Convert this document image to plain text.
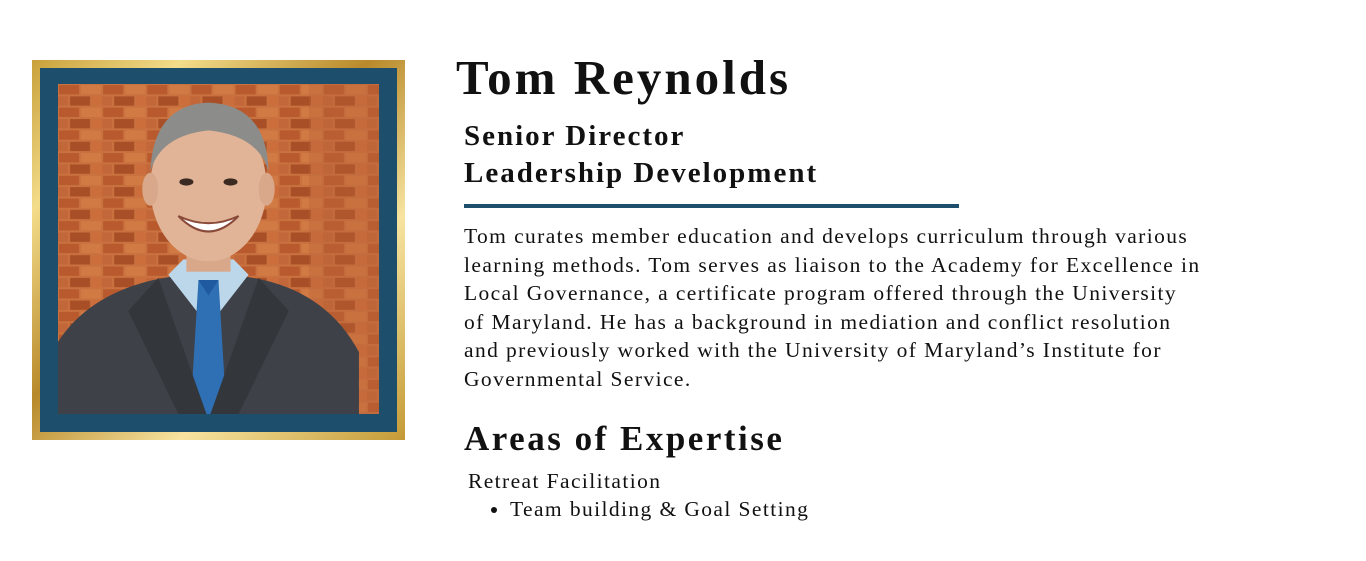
Tom Reynolds
Senior Director
Leadership Development
Tom curates member education and develops curriculum through various
learning methods. Tom serves as liaison to the Academy for Excellence in
Local Governance, a certificate program offered through the University
of Maryland. He has a background in mediation and conflict resolution
and previously worked with the University of Maryland’s Institute for
Governmental Service.
Areas of Expertise
Retreat Facilitation
• Team building & Goal Setting
